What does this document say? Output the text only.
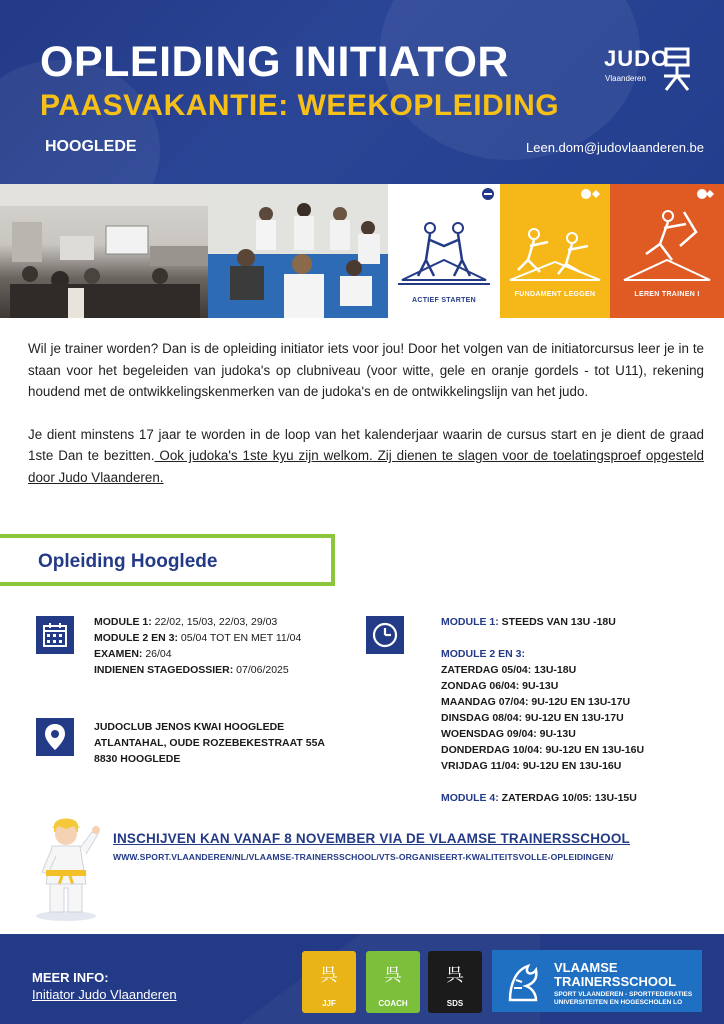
OPLEIDING INITIATOR
PAASVAKANTIE: WEEKOPLEIDING
HOOGLEDE	Leen.dom@judovlaanderen.be
JUDO
Vlaanderen
ACTIEF STARTEN
FUNDAMENT LEGGEN	LEREN TRAINEN I

Wil je trainer worden? Dan is de opleiding initiator iets voor jou! Door het volgen van de initiatorcursus leer je in te staan voor het begeleiden van judoka's op clubniveau (voor witte, gele en oranje gordels - tot U11), rekening houdend met de ontwikkelingskenmerken van de judoka's en de ontwikkelingslijn van het judo.

Je dient minstens 17 jaar te worden in de loop van het kalenderjaar waarin de cursus start en je dient de graad 1ste Dan te bezitten. Ook judoka's 1ste kyu zijn welkom. Zij dienen te slagen voor de toelatingsproef opgesteld door Judo Vlaanderen.

Opleiding Hooglede
MODULE 1: 22/02, 15/03, 22/03, 29/03
MODULE 2 EN 3: 05/04 TOT EN MET 11/04
EXAMEN: 26/04
INDIENEN STAGEDOSSIER: 07/06/2025
JUDOCLUB JENOS KWAI HOOGLEDE
ATLANTAHAL, OUDE ROZEBEKESTRAAT 55A
8830 HOOGLEDE
MODULE 1: STEEDS VAN 13U -18U
MODULE 2 EN 3:
ZATERDAG 05/04: 13U-18U
ZONDAG 06/04: 9U-13U
MAANDAG 07/04: 9U-12U EN 13U-17U
DINSDAG 08/04: 9U-12U EN 13U-17U
WOENSDAG 09/04: 9U-13U
DONDERDAG 10/04: 9U-12U EN 13U-16U
VRIJDAG 11/04: 9U-12U EN 13U-16U
MODULE 4: ZATERDAG 10/05: 13U-15U
INSCHIJVEN KAN VANAF 8 NOVEMBER VIA DE VLAAMSE TRAINERSSCHOOL
WWW.SPORT.VLAANDEREN/NL/VLAAMSE-TRAINERSSCHOOL/VTS-ORGANISEERT-KWALITEITSVOLLE-OPLEIDINGEN/
MEER INFO:
Initiator Judo Vlaanderen
呉
JJF
呉
COACH
呉
SDS
VLAAMSE
TRAINERSSCHOOL
SPORT VLAANDEREN - SPORTFEDERATIES
UNIVERSITEITEN EN HOGESCHOLEN LO
